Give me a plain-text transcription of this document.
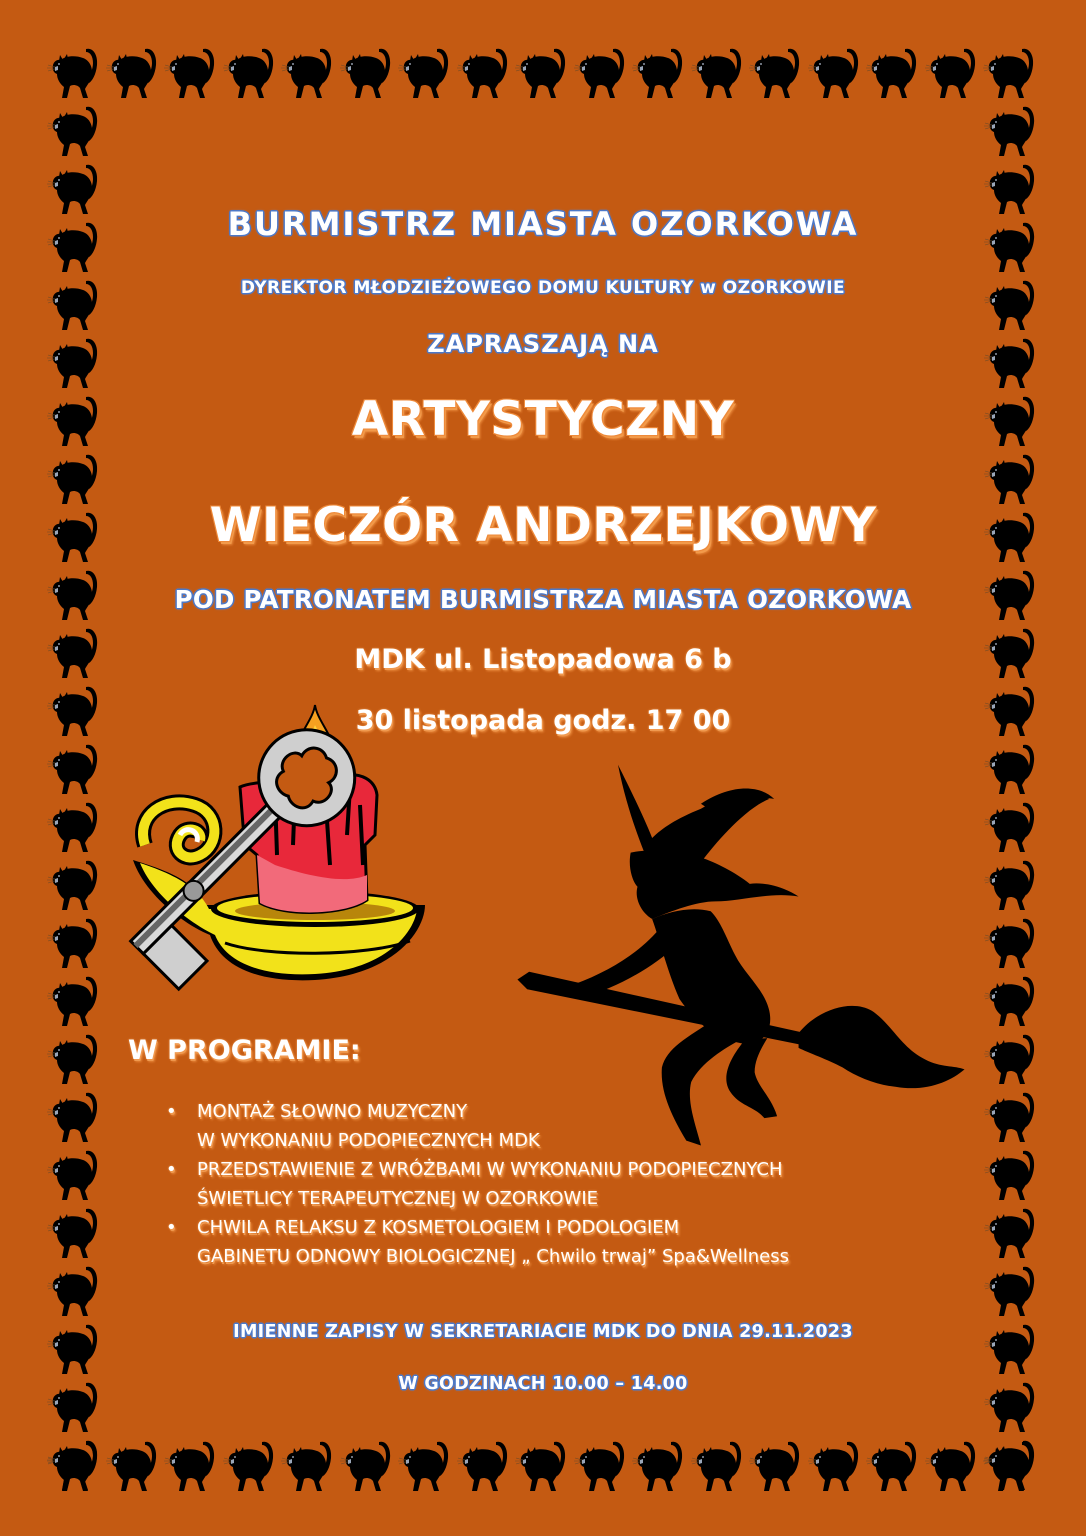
BURMISTRZ MIASTA OZORKOWA
DYREKTOR MŁODZIEŻOWEGO DOMU KULTURY w OZORKOWIE
ZAPRASZAJĄ NA
ARTYSTYCZNY
WIECZÓR ANDRZEJKOWY
POD PATRONATEM BURMISTRZA MIASTA OZORKOWA
MDK ul. Listopadowa 6 b
30 listopada godz. 17 00
W PROGRAMIE:
• MONTAŻ SŁOWNO MUZYCZNY
W WYKONANIU PODOPIECZNYCH MDK
• PRZEDSTAWIENIE Z WRÓŻBAMI W WYKONANIU PODOPIECZNYCH
ŚWIETLICY TERAPEUTYCZNEJ W OZORKOWIE
• CHWILA RELAKSU Z KOSMETOLOGIEM I PODOLOGIEM
GABINETU ODNOWY BIOLOGICZNEJ „ Chwilo trwaj” Spa&Wellness
IMIENNE ZAPISY W SEKRETARIACIE MDK DO DNIA 29.11.2023
W GODZINACH 10.00 – 14.00
